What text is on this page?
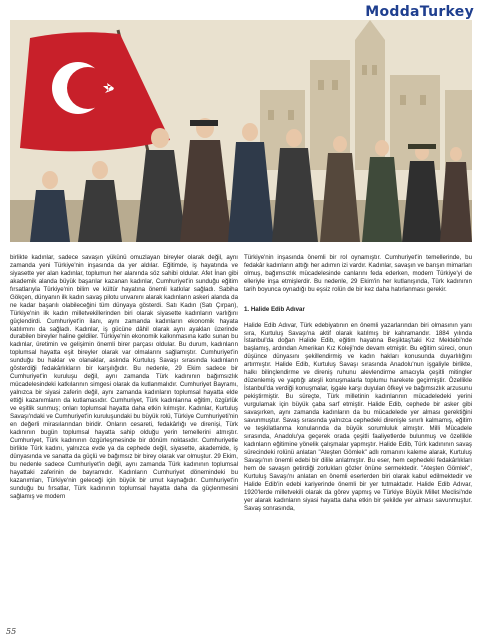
ModdaTurkey

birlikte kadınlar, sadece savaşın yükünü omuzlayan bireyler olarak değil, aynı zamanda yeni Türkiye'nin inşasında da yer aldılar. Eğitimde, iş hayatında ve siyasette yer alan kadınlar, toplumun her alanında söz sahibi oldular. Afet İnan gibi akademik alanda büyük başarılar kazanan kadınlar, Cumhuriyet'in sunduğu eğitim fırsatlarıyla Türkiye'nin bilim ve kültür hayatına önemli katkılar sağladı. Sabiha Gökçen, dünyanın ilk kadın savaş pilotu unvanını alarak kadınların askeri alanda da ne kadar başarılı olabileceğini tüm dünyaya gösterdi. Satı Kadın (Satı Çırpan), Türkiye'nin ilk kadın milletvekillerinden biri olarak siyasette kadınların varlığını güçlendirdi. Cumhuriyet'in ilanı, aynı zamanda kadınların ekonomik hayata katılımını da sağladı. Kadınlar, iş gücüne dâhil olarak aynı ayakları üzerinde durabilen bireyler haline geldiler. Türkiye'nin ekonomik kalkınmasına katkı sunan bu kadınlar, üretimin ve gelişimin önemli birer parçası oldular. Bu durum, kadınların toplumsal hayatta eşit bireyler olarak var olmalarını sağlamıştır. Cumhuriyet'in sunduğu bu haklar ve olanaklar, aslında Kurtuluş Savaşı sırasında kadınların gösterdiği fedakârlıkların bir karşılığıdır. Bu nedenle, 29 Ekim sadece bir Cumhuriyet'in kuruluşu değil, aynı zamanda Türk kadınının bağımsızlık mücadelesindeki katkılarının simgesi olarak da kutlanmalıdır. Cumhuriyet Bayramı, yalnızca bir siyasi zaferin değil, aynı zamanda kadınların toplumsal hayatta elde ettiği kazanımların da kutlamasıdır. Cumhuriyet, Türk kadınlarına eğitim, özgürlük ve eşitlik sunmuş; onları toplumsal hayatta daha etkin kılmıştır. Kadınlar, Kurtuluş Savaşı'ndaki ve Cumhuriyet'in kuruluşundaki bu büyük rolü, Türkiye Cumhuriyeti'nin en değerli mirasılarından biridir. Onların cesareti, fedakârlığı ve direnişi, Türk kadınının bugün toplumsal hayatta sahip olduğu yerin temellerini atmıştır. Cumhuriyet, Türk kadınının özgürleşmesinde bir dönüm noktasıdır. Cumhuriyetle birlikte Türk kadını, yalnızca evde ya da cephede değil, siyasette, akademide, iş dünyasında ve sanatta da güçlü ve bağımsız bir birey olarak var olmuştur. 29 Ekim, bu nedenle sadece Cumhuriyet'in değil, aynı zamanda Türk kadınının toplumsal hayattaki zaferinin de bayramıdır. Kadınların Cumhuriyet dönemindeki bu kazanımları, Türkiye'nin geleceği için büyük bir umut kaynağıdır. Cumhuriyet'in sunduğu bu fırsatlar, Türk kadınının toplumsal hayatta daha da güçlenmesini sağlamış ve modern

Türkiye'nin inşasında önemli bir rol oynamıştır. Cumhuriyet'in temellerinde, bu fedakâr kadınların attığı her adımın izi vardır. Kadınlar, savaşın ve barışın mimarları olmuş, bağımsızlık mücadelesinde canlarını feda ederken, modern Türkiye'yi de elleriyle inşa etmişlerdir. Bu nedenle, 29 Ekim'in her kutlanışında, Türk kadınının tarih boyunca oynadığı bu eşsiz rolün de bir kez daha hatırlanması gerekir.

1. Halide Edib Adıvar

Halide Edib Adıvar, Türk edebiyatının en önemli yazarlarından biri olmasının yanı sıra, Kurtuluş Savaşı'na aktif olarak katılmış bir kahramandır. 1884 yılında İstanbul'da doğan Halide Edib, eğitim hayatına Beşiktaş'taki Kız Mektebi'nde başlamış, ardından Amerikan Kız Koleji'nde devam etmiştir. Bu eğitim süreci, onun düşünce dünyasını şekillendirmiş ve kadın hakları konusunda duyarlılığını artırmıştır. Halide Edib, Kurtuluş Savaşı sırasında Anadolu'nun işgaliyle birlikte, halkı bilinçlendirme ve direniş ruhunu alevlendirme amacıyla çeşitli mitingler düzenlemiş ve yaptığı ateşli konuşmalarla toplumu harekete geçirmiştir. Özellikle İstanbul'da verdiği konuşmalar, işgale karşı duyulan öfkeyi ve bağımsızlık arzusunu pekiştirmiştir. Bu süreçte, Türk milletinin kadınlarının mücadeledeki yerini vurgulamak için büyük çaba sarf etmiştir. Halide Edib, cephede bir asker gibi savaşırken, aynı zamanda kadınların da bu mücadelede yer alması gerektiğini savunmuştur. Savaş sırasında yalnızca cephedeki direnişle sınırlı kalmamış, eğitim ve teşkilatlanma konularında da büyük sorumluluk almıştır. Milli Mücadele sırasında, Anadolu'ya geçerek orada çeşitli faaliyetlerde bulunmuş ve özellikle kadınların eğitimine yönelik çalışmalar yapmıştır. Halide Edib, Türk kadınının savaş sürecindeki rolünü anlatan "Ateşten Gömlek" adlı romanını kaleme alarak, Kurtuluş Savaşı'nın önemli edebi bir dilile anlatmıştır. Bu eser, hem cephedeki fedakârlıkları hem de savaşın getirdiği zorlukları gözler önüne sermektedir. "Ateşten Gömlek", Kurtuluş Savaşı'nı anlatan en önemli eserlerden biri olarak kabul edilmektedir ve Halide Edib'in edebi kariyerinde önemli bir yer tutmaktadır. Halide Edib Adıvar, 1920'lerde milletvekili olarak da görev yapmış ve Türkiye Büyük Millet Meclisi'nde yer alarak kadınların siyasi hayatta daha etkin bir şekilde yer alması savunmuştur. Savaş sonrasında,

55
